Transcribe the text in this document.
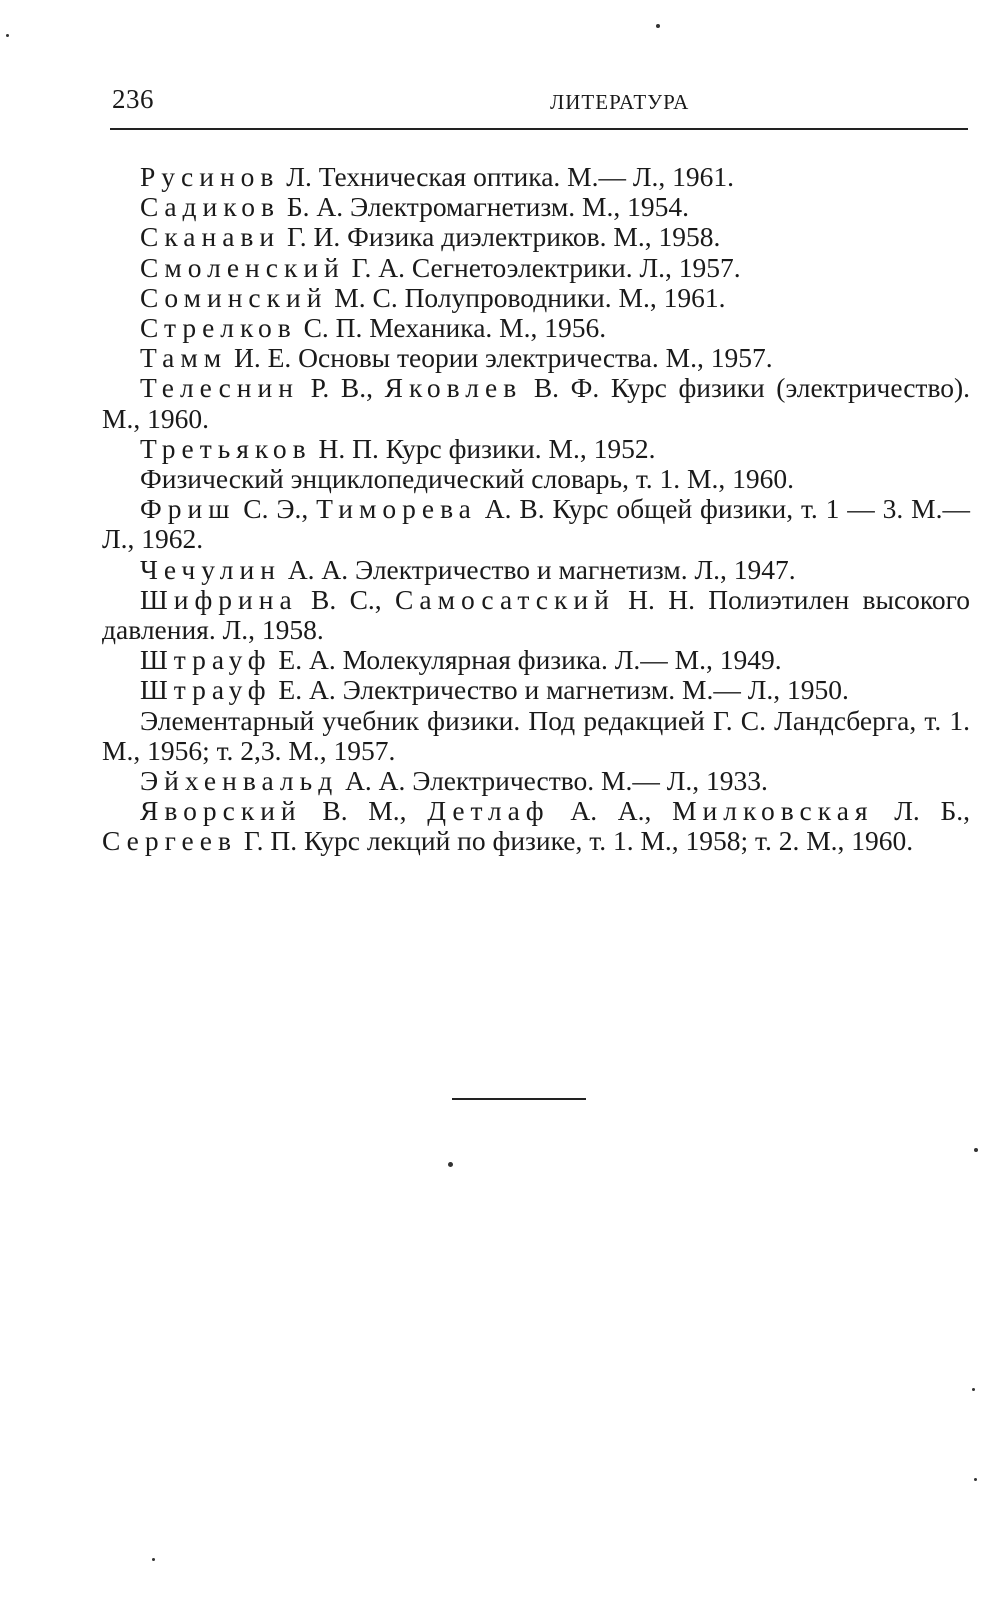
236	ЛИТЕРАТУРА

Русинов Л. Техническая оптика. М.— Л., 1961.

Садиков Б. А. Электромагнетизм. М., 1954.

Сканави Г. И. Физика диэлектриков. М., 1958.

Смоленский Г. А. Сегнетоэлектрики. Л., 1957.

Соминский М. С. Полупроводники. М., 1961.

Стрелков С. П. Механика. М., 1956.

Тамм И. Е. Основы теории электричества. М., 1957.

Телеснин Р. В., Яковлев В. Ф. Курс физики (электричество). М., 1960.

Третьяков Н. П. Курс физики. М., 1952.

Физический энциклопедический словарь, т. 1. М., 1960.

Фриш С. Э., Тиморева А. В. Курс общей физики, т. 1 — 3. М.— Л., 1962.

Чечулин А. А. Электричество и магнетизм. Л., 1947.

Шифрина В. С., Самосатский Н. Н. Полиэтилен высокого давления. Л., 1958.

Штрауф Е. А. Молекулярная физика. Л.— М., 1949.

Штрауф Е. А. Электричество и магнетизм. М.— Л., 1950.

Элементарный учебник физики. Под редакцией Г. С. Ландсберга, т. 1. М., 1956; т. 2,3. М., 1957.

Эйхенвальд А. А. Электричество. М.— Л., 1933.

Яворский В. М., Детлаф А. А., Милковская Л. Б., Сергеев Г. П. Курс лекций по физике, т. 1. М., 1958; т. 2. М., 1960.
